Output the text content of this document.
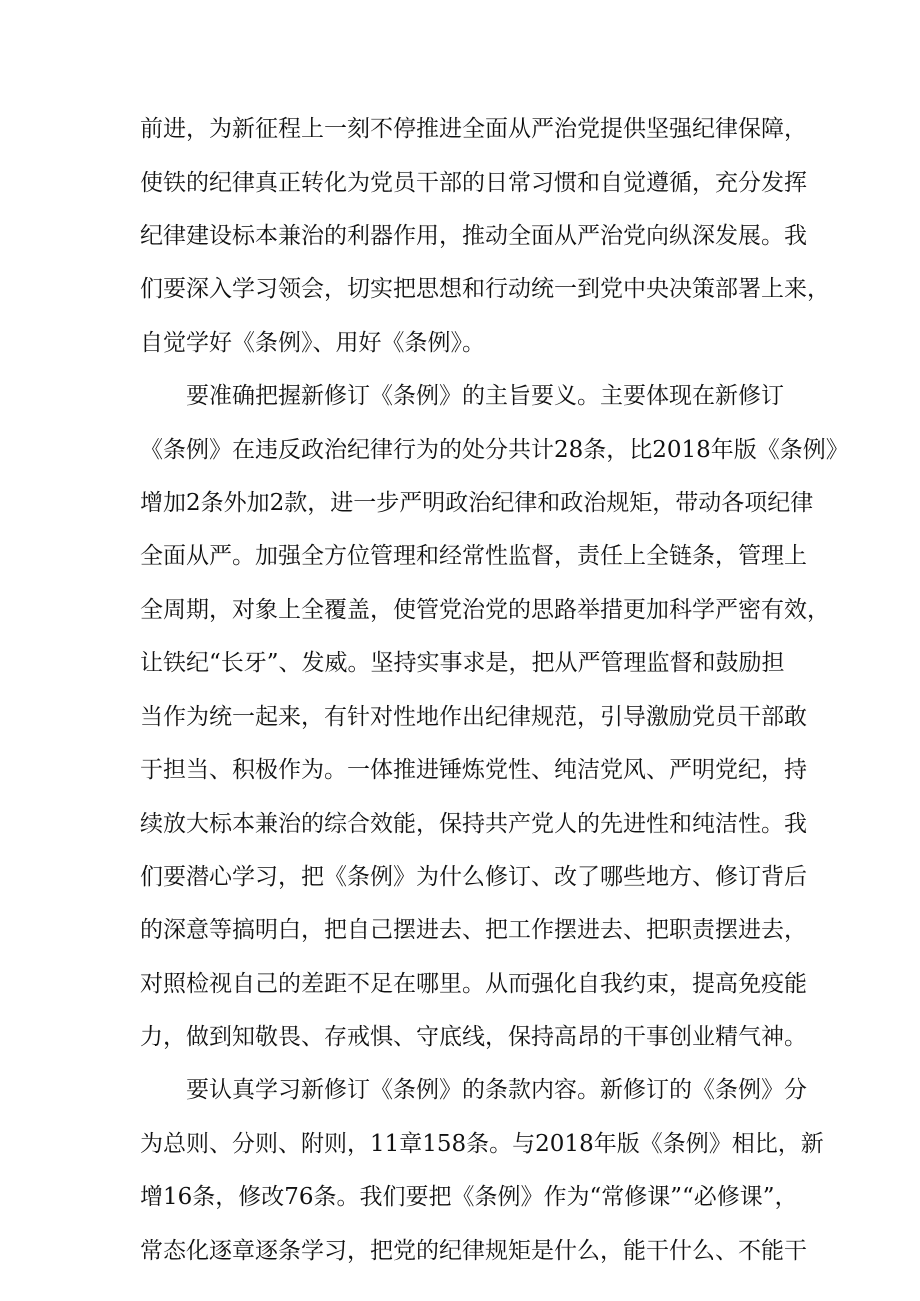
前进，为新征程上一刻不停推进全面从严治党提供坚强纪律保障，
使铁的纪律真正转化为党员干部的日常习惯和自觉遵循，充分发挥
纪律建设标本兼治的利器作用，推动全面从严治党向纵深发展。我
们要深入学习领会，切实把思想和行动统一到党中央决策部署上来，
自觉学好《条例》、用好《条例》。
要准确把握新修订《条例》的主旨要义。主要体现在新修订
《条例》在违反政治纪律行为的处分共计28条，比2018年版《条例》
增加2条外加2款，进一步严明政治纪律和政治规矩，带动各项纪律
全面从严。加强全方位管理和经常性监督，责任上全链条，管理上
全周期，对象上全覆盖，使管党治党的思路举措更加科学严密有效，
让铁纪“长牙”、发威。坚持实事求是，把从严管理监督和鼓励担
当作为统一起来，有针对性地作出纪律规范，引导激励党员干部敢
于担当、积极作为。一体推进锤炼党性、纯洁党风、严明党纪，持
续放大标本兼治的综合效能，保持共产党人的先进性和纯洁性。我
们要潜心学习，把《条例》为什么修订、改了哪些地方、修订背后
的深意等搞明白，把自己摆进去、把工作摆进去、把职责摆进去，
对照检视自己的差距不足在哪里。从而强化自我约束，提高免疫能
力，做到知敬畏、存戒惧、守底线，保持高昂的干事创业精气神。
要认真学习新修订《条例》的条款内容。新修订的《条例》分
为总则、分则、附则，11章158条。与2018年版《条例》相比，新
增16条，修改76条。我们要把《条例》作为“常修课”“必修课”，
常态化逐章逐条学习，把党的纪律规矩是什么，能干什么、不能干
